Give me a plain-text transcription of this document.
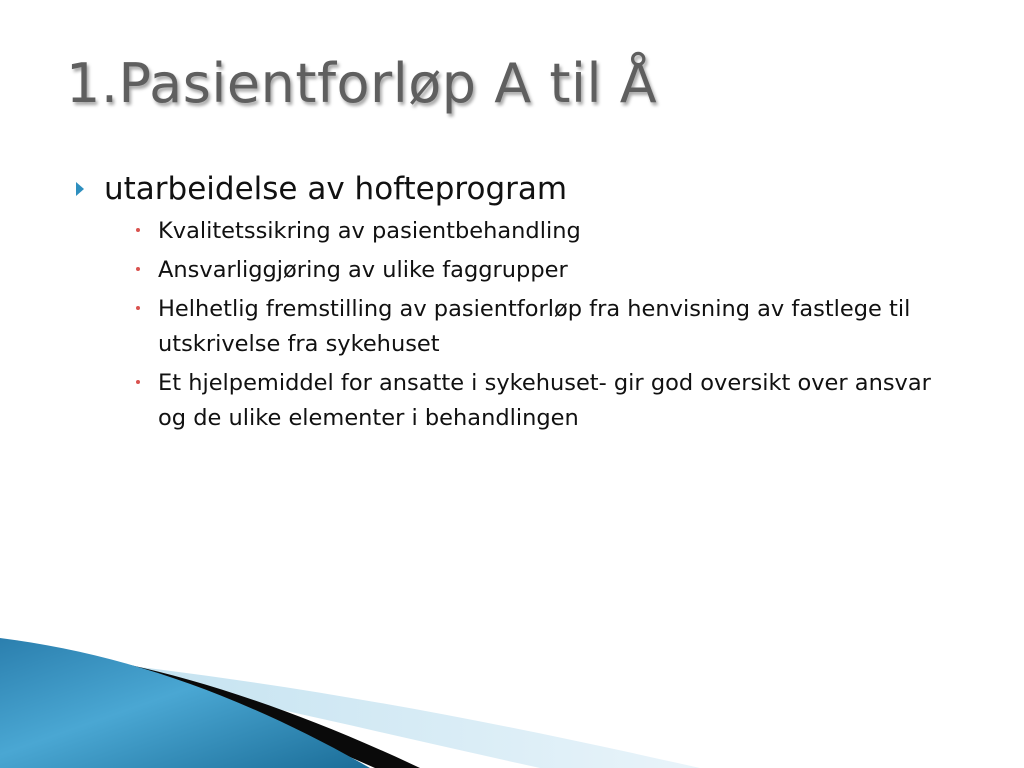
1.Pasientforløp A til Å
utarbeidelse av hofteprogram
Kvalitetssikring av pasientbehandling
Ansvarliggjøring av ulike faggrupper
Helhetlig fremstilling av pasientforløp fra henvisning av fastlege til utskrivelse fra sykehuset
Et hjelpemiddel for ansatte i sykehuset- gir god oversikt over ansvar og de ulike elementer i behandlingen
